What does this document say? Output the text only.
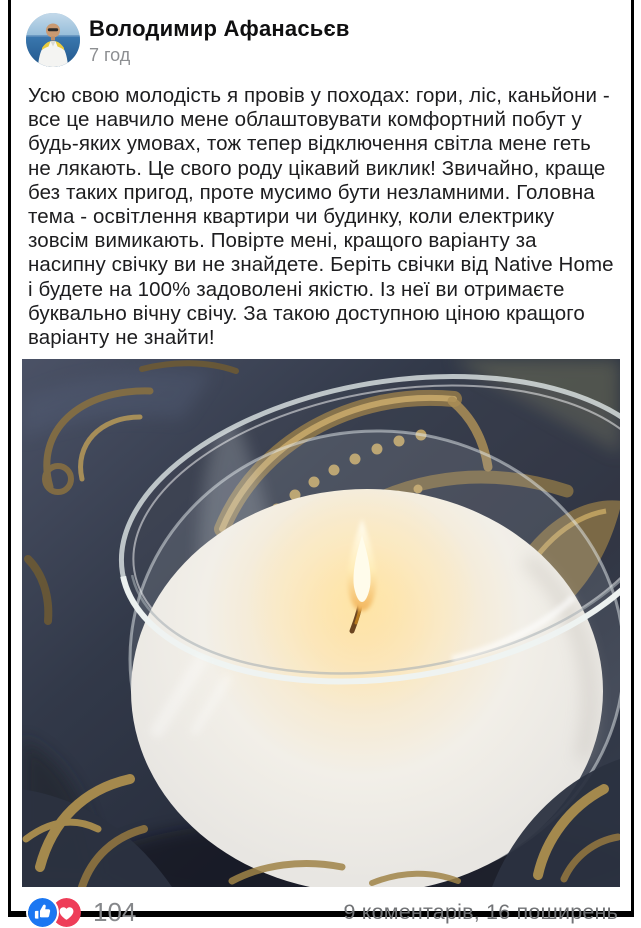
Володимир Афанасьєв
7 год
Усю свою молодість я провів у походах: гори, ліс, каньйони - все це навчило мене облаштовувати комфортний побут у будь-яких умовах, тож тепер відключення світла мене геть не лякають. Це свого роду цікавий виклик! Звичайно, краще без таких пригод, проте мусимо бути незламними. Головна тема - освітлення квартири чи будинку, коли електрику зовсім вимикають. Повірте мені, кращого варіанту за насипну свічку ви не знайдете. Беріть свічки від Native Home і будете на 100% задоволені якістю. Із неї ви отримаєте буквально вічну свічу. За такою доступною ціною кращого варіанту не знайти!
104	9 коментарів, 16 поширень
